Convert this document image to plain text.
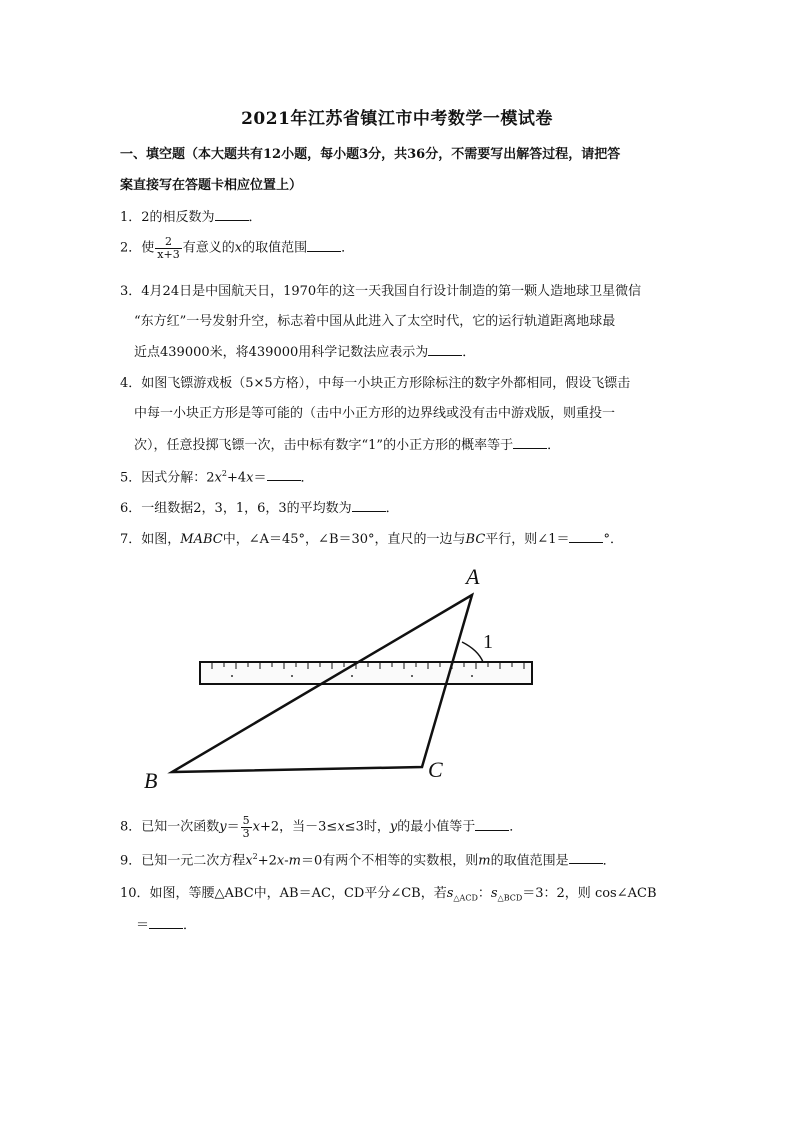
2021年江苏省镇江市中考数学一模试卷
一、填空题（本大题共有12小题，每小题3分，共36分，不需要写出解答过程，请把答
案直接写在答题卡相应位置上）
1．2的相反数为	．
2．使 $\frac{2}{x+3}$ 有意义的x的取值范围	．
3．4月24日是中国航天日，1970年的这一天我国自行设计制造的第一颗人造地球卫星微信
“东方红”一号发射升空，标志着中国从此进入了太空时代，它的运行轨道距离地球最
近点439000米，将439000用科学记数法应表示为	．
4．如图飞镖游戏板（5×5方格），中每一小块正方形除标注的数字外都相同，假设飞镖击
中每一小块正方形是等可能的（击中小正方形的边界线或没有击中游戏版，则重投一
次），任意投掷飞镖一次，击中标有数字“1”的小正方形的概率等于	．
5．因式分解：$2x^2+4x=$	．
6．一组数据2，3，1，6，3的平均数为	．
7．如图，MABC中，∠A＝45°，∠B＝30°，直尺的一边与BC平行，则∠1＝	°．
A
B	C
1
8．已知一次函数$y= \frac{5}{3} x+2$，当－3≤x≤3时，y的最小值等于	．
9．已知一元二次方程$x^2+2x-m=0$有两个不相等的实数根，则m的取值范围是	．
10．如图，等腰△ABC中，AB＝AC，CD平分∠CB，若$s_{\triangle ACD}$：$s_{\triangle BCD}=3$：2，则 cos∠ACB
＝	．
